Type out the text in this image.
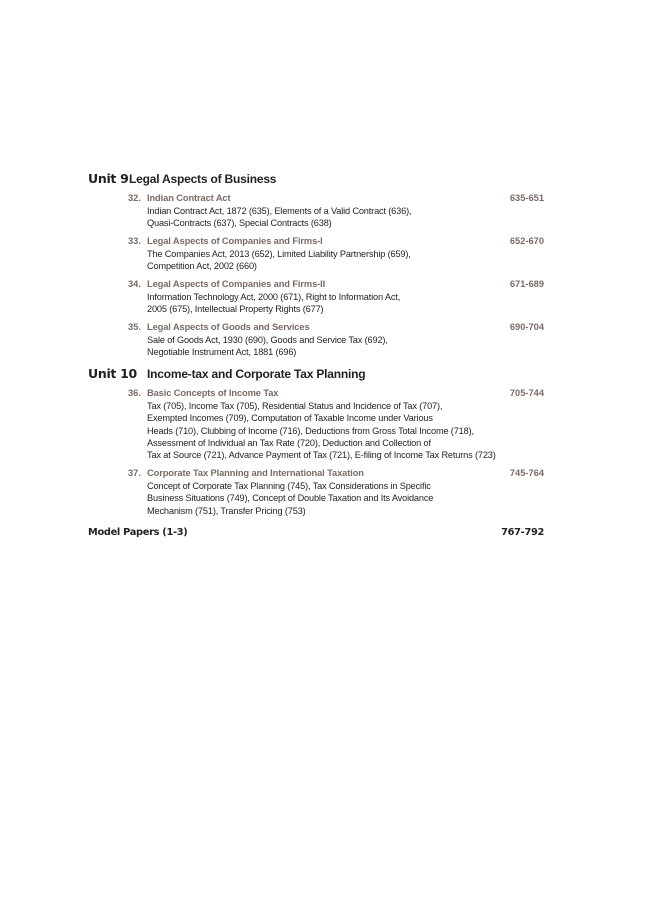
Unit 9 Legal Aspects of Business
32. Indian Contract Act	635-651
Indian Contract Act, 1872 (635), Elements of a Valid Contract (636),
Quasi-Contracts (637), Special Contracts (638)
33. Legal Aspects of Companies and Firms-I	652-670
The Companies Act, 2013 (652), Limited Liability Partnership (659),
Competition Act, 2002 (660)
34. Legal Aspects of Companies and Firms-II	671-689
Information Technology Act, 2000 (671), Right to Information Act,
2005 (675), Intellectual Property Rights (677)
35. Legal Aspects of Goods and Services	690-704
Sale of Goods Act, 1930 (690), Goods and Service Tax (692),
Negotiable Instrument Act, 1881 (696)
Unit 10 Income-tax and Corporate Tax Planning
36. Basic Concepts of Income Tax	705-744
Tax (705), Income Tax (705), Residential Status and Incidence of Tax (707),
Exempted Incomes (709), Computation of Taxable Income under Various
Heads (710), Clubbing of Income (716), Deductions from Gross Total Income (718),
Assessment of Individual an Tax Rate (720), Deduction and Collection of
Tax at Source (721), Advance Payment of Tax (721), E-filing of Income Tax Returns (723)
37. Corporate Tax Planning and International Taxation	745-764
Concept of Corporate Tax Planning (745), Tax Considerations in Specific
Business Situations (749), Concept of Double Taxation and Its Avoidance
Mechanism (751), Transfer Pricing (753)
Model Papers (1-3)	767-792
